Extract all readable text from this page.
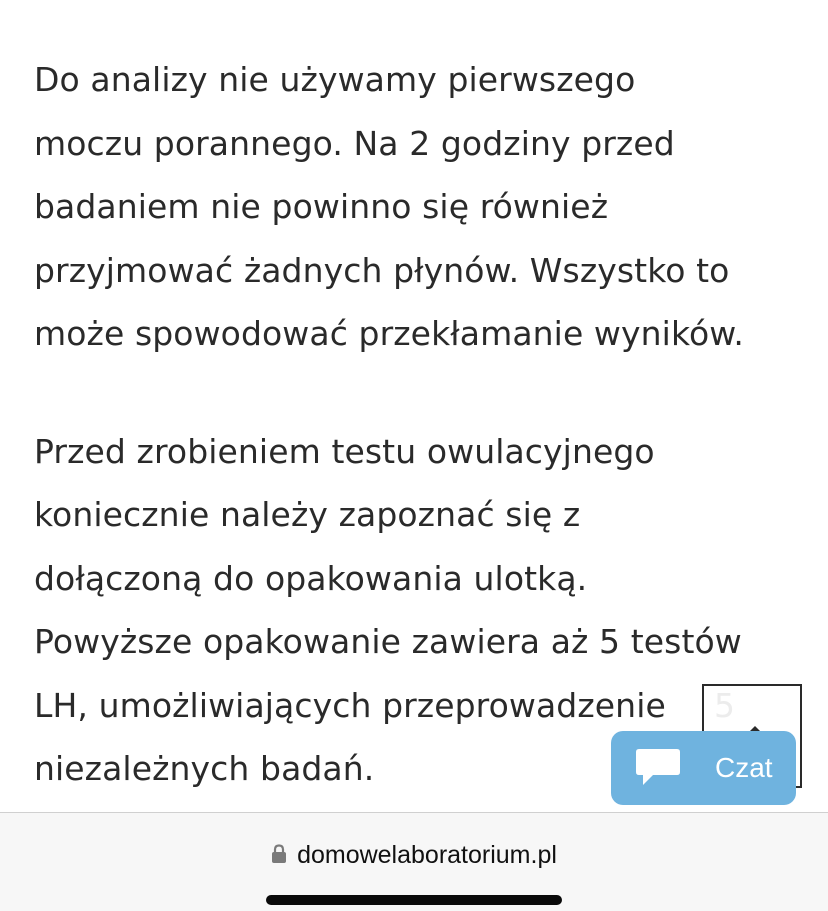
Do analizy nie używamy pierwszego
moczu porannego. Na 2 godziny przed
badaniem nie powinno się również
przyjmować żadnych płynów. Wszystko to
może spowodować przekłamanie wyników.

Przed zrobieniem testu owulacyjnego
koniecznie należy zapoznać się z
dołączoną do opakowania ulotką.
Powyższe opakowanie zawiera aż 5 testów
LH, umożliwiających przeprowadzenie
niezależnych badań.	Czat
domowelaboratorium.pl
